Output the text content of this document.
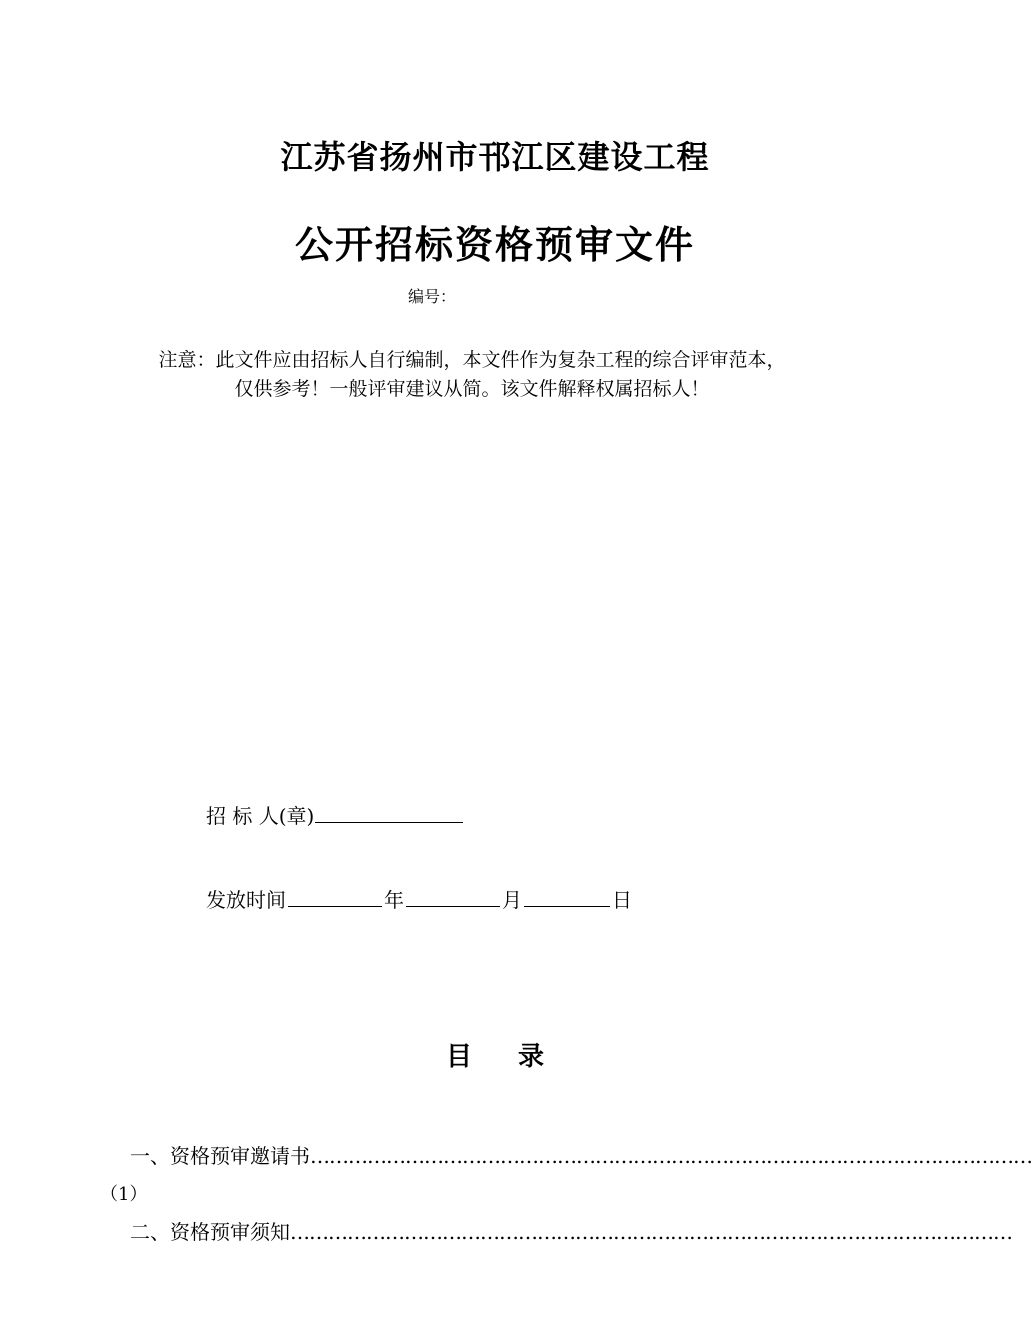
江苏省扬州市邗江区建设工程
公开招标资格预审文件
编号：
注意：此文件应由招标人自行编制，本文件作为复杂工程的综合评审范本，
仅供参考！一般评审建议从简。该文件解释权属招标人！
招 标 人(章)
发放时间	年	月	日
目 录
一、资格预审邀请书 ……………………………………………………………………………………………………
（1）
二、资格预审须知 ……………………………………………………………………………………………………
